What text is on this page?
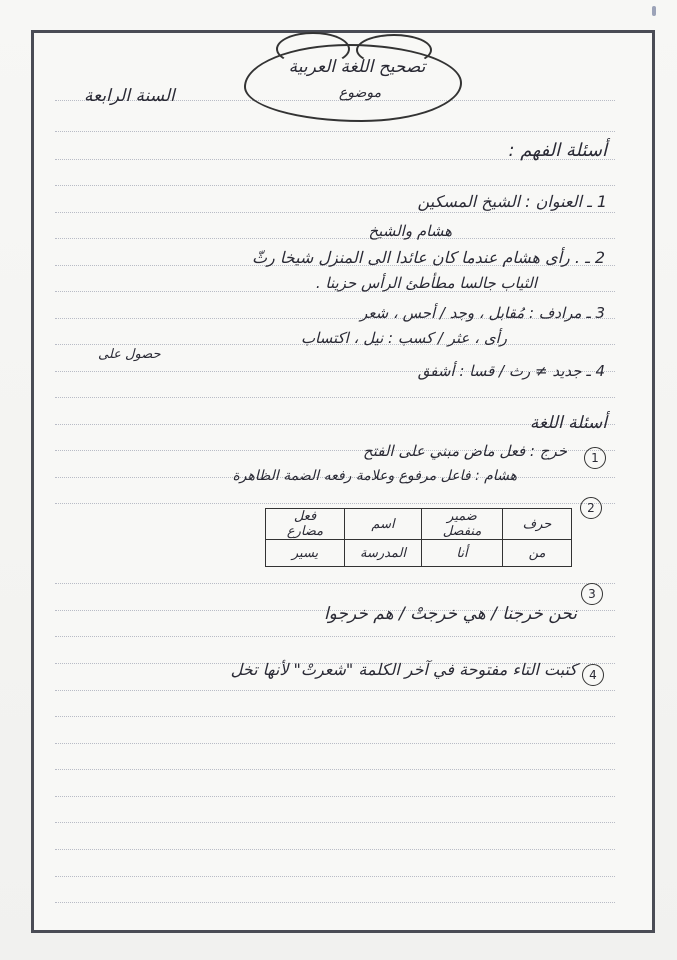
تصحيح اللغة العربية
موضوع
السنة الرابعة
أسئلة الفهم :
1 ـ العنوان : الشيخ المسكين
هشام والشيخ
2 ـ . رأى هشام عندما كان عائدا الى المنزل شيخا رثّ
الثياب جالسا مطأطئ الرأس حزينا .
3 ـ مرادف : مُقابل ، وجد / أحس ، شعر
رأى ، عثر / كسب : نيل ، اكتساب
حصول على
4 ـ جديد ≠ رث / قسا : أشفق
أسئلة اللغة
1
خرج : فعل ماض مبني على الفتح
هشام : فاعل مرفوع وعلامة رفعه الضمة الظاهرة
2
حرف	ضمير منفصل	اسم	فعل مضارع
من	أنا	المدرسة	يسير
3
نحن خرجنا / هي خرجتْ / هم خرجوا
4
كتبت التاء مفتوحة في آخر الكلمة "شعرتْ" لأنها تخل
